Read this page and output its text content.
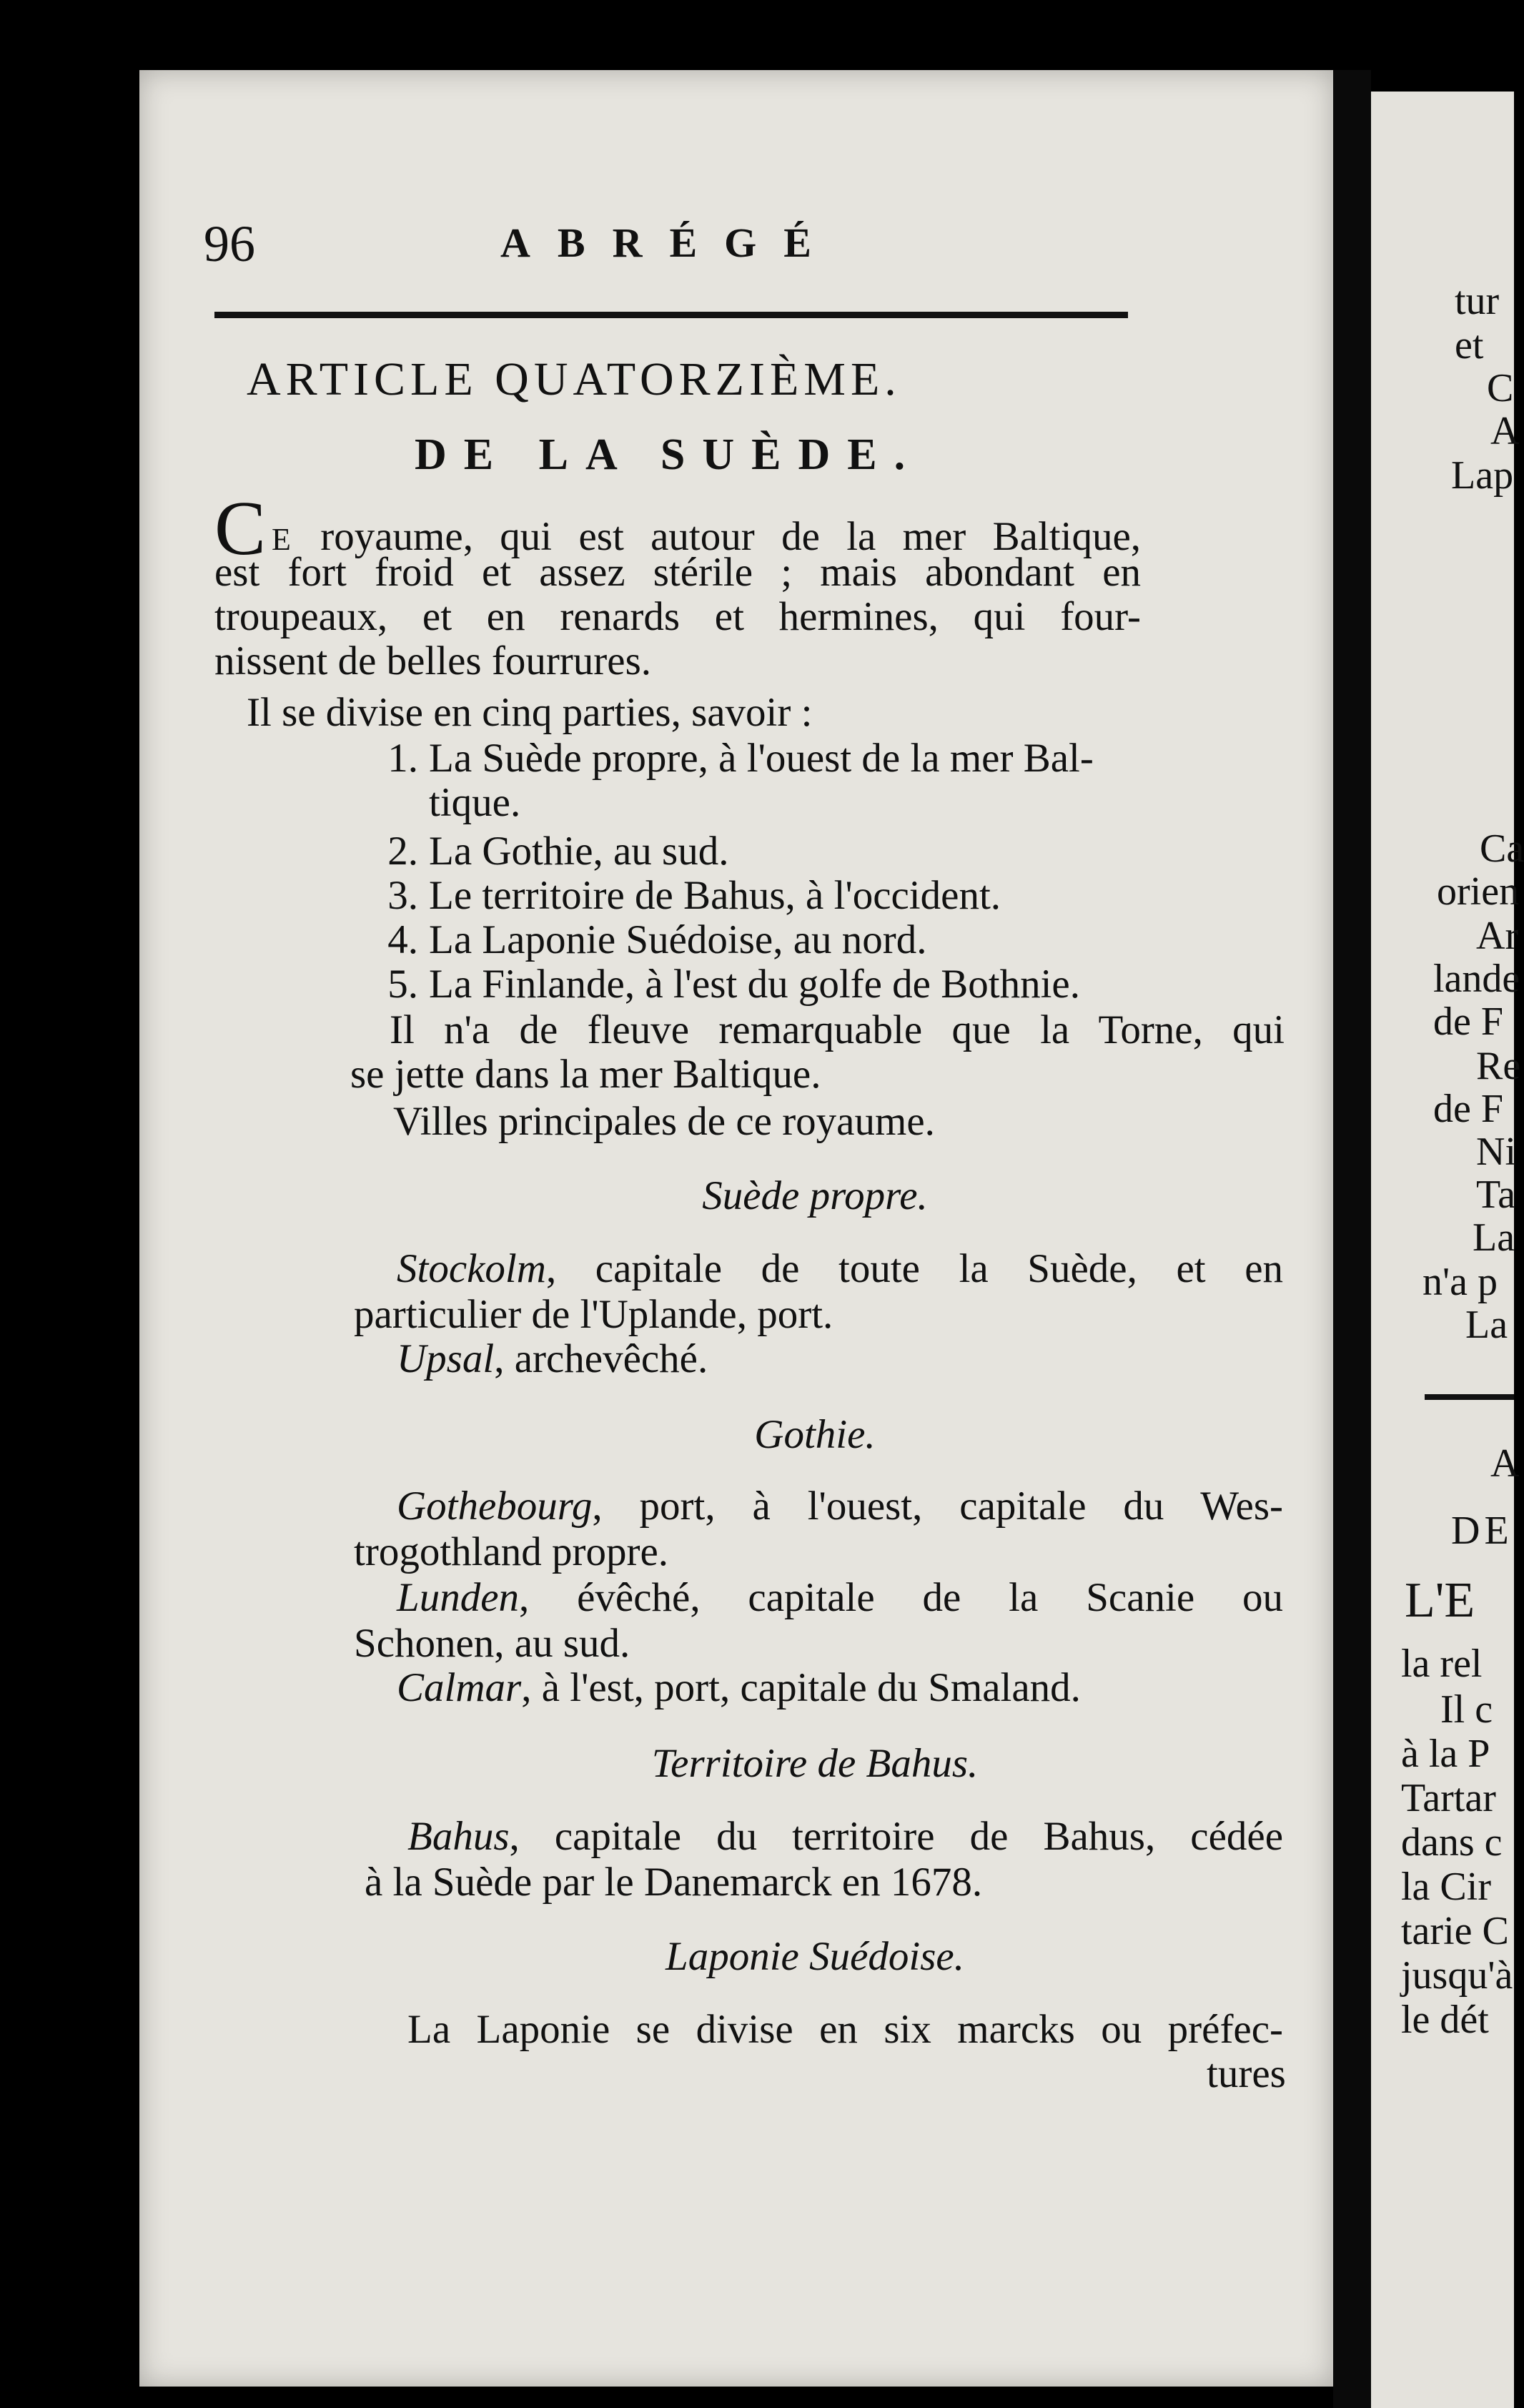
96	ABRÉGÉ
ARTICLE QUATORZIÈME.
DE LA SUÈDE.
C E royaume, qui est autour de la mer Baltique,
est fort froid et assez stérile ; mais abondant en
troupeaux, et en renards et hermines, qui four-
nissent de belles fourrures.
Il se divise en cinq parties, savoir :
1. La Suède propre, à l'ouest de la mer Bal-
tique.
2. La Gothie, au sud.
3. Le territoire de Bahus, à l'occident.
4. La Laponie Suédoise, au nord.
5. La Finlande, à l'est du golfe de Bothnie.
Il n'a de fleuve remarquable que la Torne, qui
se jette dans la mer Baltique.
Villes principales de ce royaume.
Suède propre.
Stockolm, capitale de toute la Suède, et en
particulier de l'Uplande, port.
Upsal, archevêché.
Gothie.
Gothebourg, port, à l'ouest, capitale du Wes-
trogothland propre.
Lunden, évêché, capitale de la Scanie ou
Schonen, au sud.
Calmar, à l'est, port, capitale du Smaland.
Territoire de Bahus.
Bahus, capitale du territoire de Bahus, cédée
à la Suède par le Danemarck en 1678.
Laponie Suédoise.
La Laponie se divise en six marcks ou préfec-
tures
tur
et
C
A
Lap
Ca
orien
Ar
lande
de F
Re
de F
Ni
Ta
La
n'a p
La
A
DE
L'E
la rel
Il c
à la P
Tartar
dans c
la Cir
tarie C
jusqu'à
le dét
